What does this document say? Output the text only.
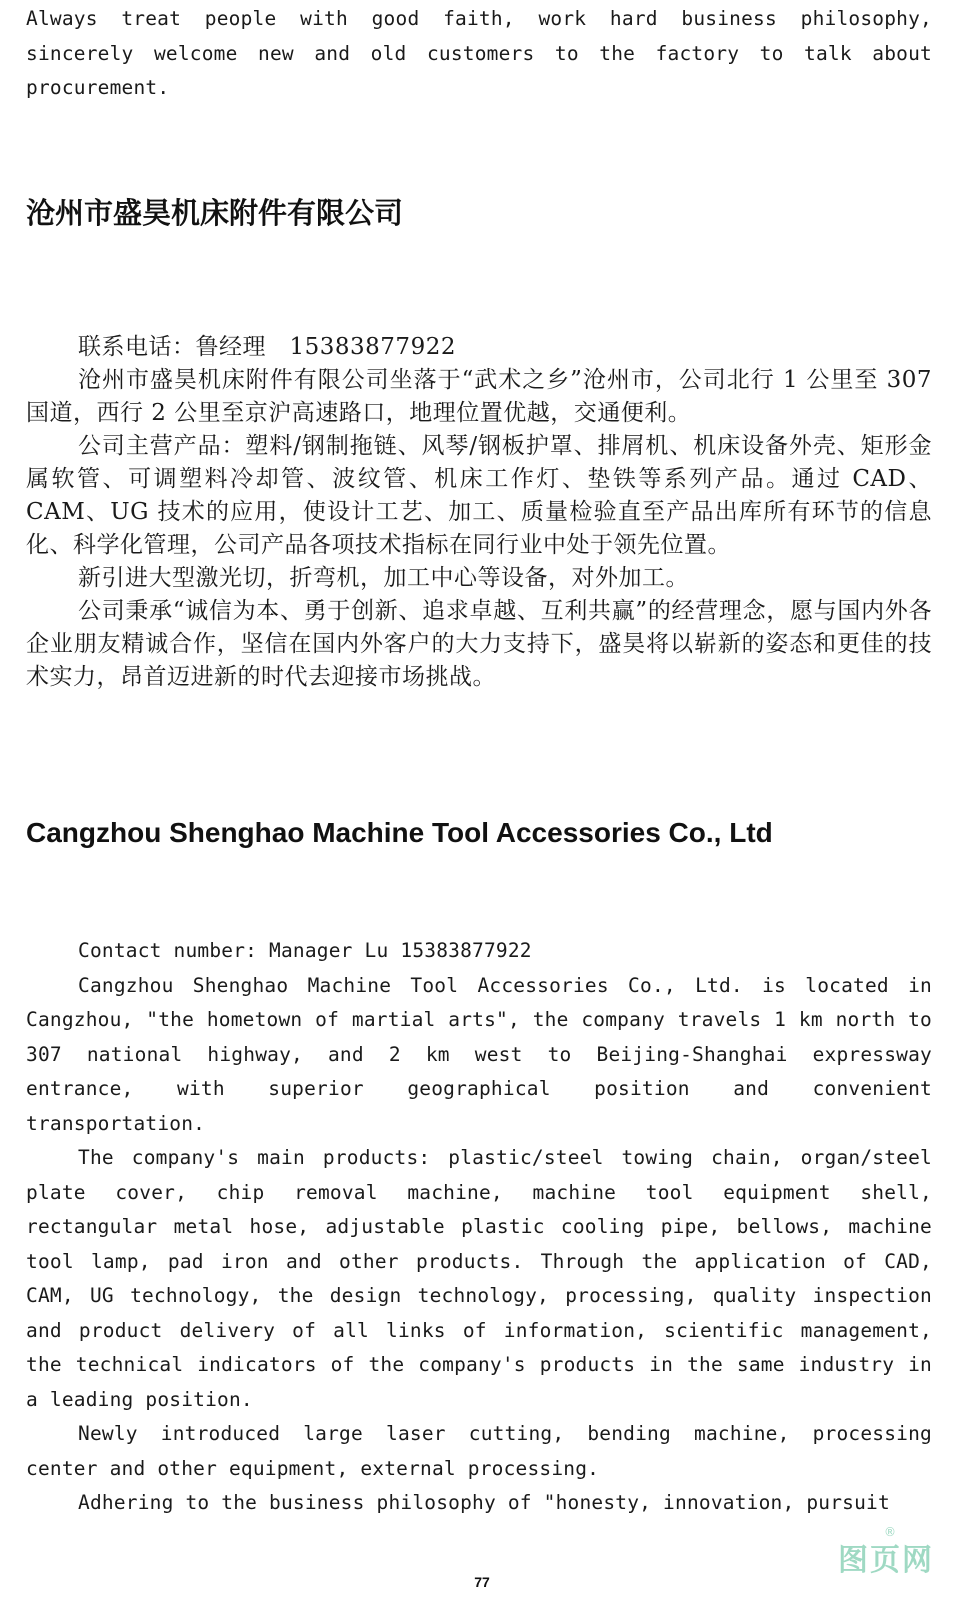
Always treat people with good faith, work hard business philosophy, sincerely welcome new and old customers to the factory to talk about procurement.

沧州市盛昊机床附件有限公司

联系电话：鲁经理　15383877922

沧州市盛昊机床附件有限公司坐落于“武术之乡”沧州市，公司北行 1 公里至 307 国道，西行 2 公里至京沪高速路口，地理位置优越，交通便利。

公司主营产品：塑料/钢制拖链、风琴/钢板护罩、排屑机、机床设备外壳、矩形金属软管、可调塑料冷却管、波纹管、机床工作灯、垫铁等系列产品。通过 CAD、CAM、UG 技术的应用，使设计工艺、加工、质量检验直至产品出库所有环节的信息化、科学化管理，公司产品各项技术指标在同行业中处于领先位置。

新引进大型激光切，折弯机，加工中心等设备，对外加工。

公司秉承“诚信为本、勇于创新、追求卓越、互利共赢”的经营理念，愿与国内外各企业朋友精诚合作，坚信在国内外客户的大力支持下，盛昊将以崭新的姿态和更佳的技术实力，昂首迈进新的时代去迎接市场挑战。

Cangzhou Shenghao Machine Tool Accessories Co., Ltd

Contact number: Manager Lu 15383877922

Cangzhou Shenghao Machine Tool Accessories Co., Ltd. is located in Cangzhou, "the hometown of martial arts", the company travels 1 km north to 307 national highway, and 2 km west to Beijing-Shanghai expressway entrance, with superior geographical position and convenient transportation.

The company's main products: plastic/steel towing chain, organ/steel plate cover, chip removal machine, machine tool equipment shell, rectangular metal hose, adjustable plastic cooling pipe, bellows, machine tool lamp, pad iron and other products. Through the application of CAD, CAM, UG technology, the design technology, processing, quality inspection and product delivery of all links of information, scientific management, the technical indicators of the company's products in the same industry in a leading position.

Newly introduced large laser cutting, bending machine, processing center and other equipment, external processing.

Adhering to the business philosophy of "honesty, innovation, pursuit

77
图页网
®
